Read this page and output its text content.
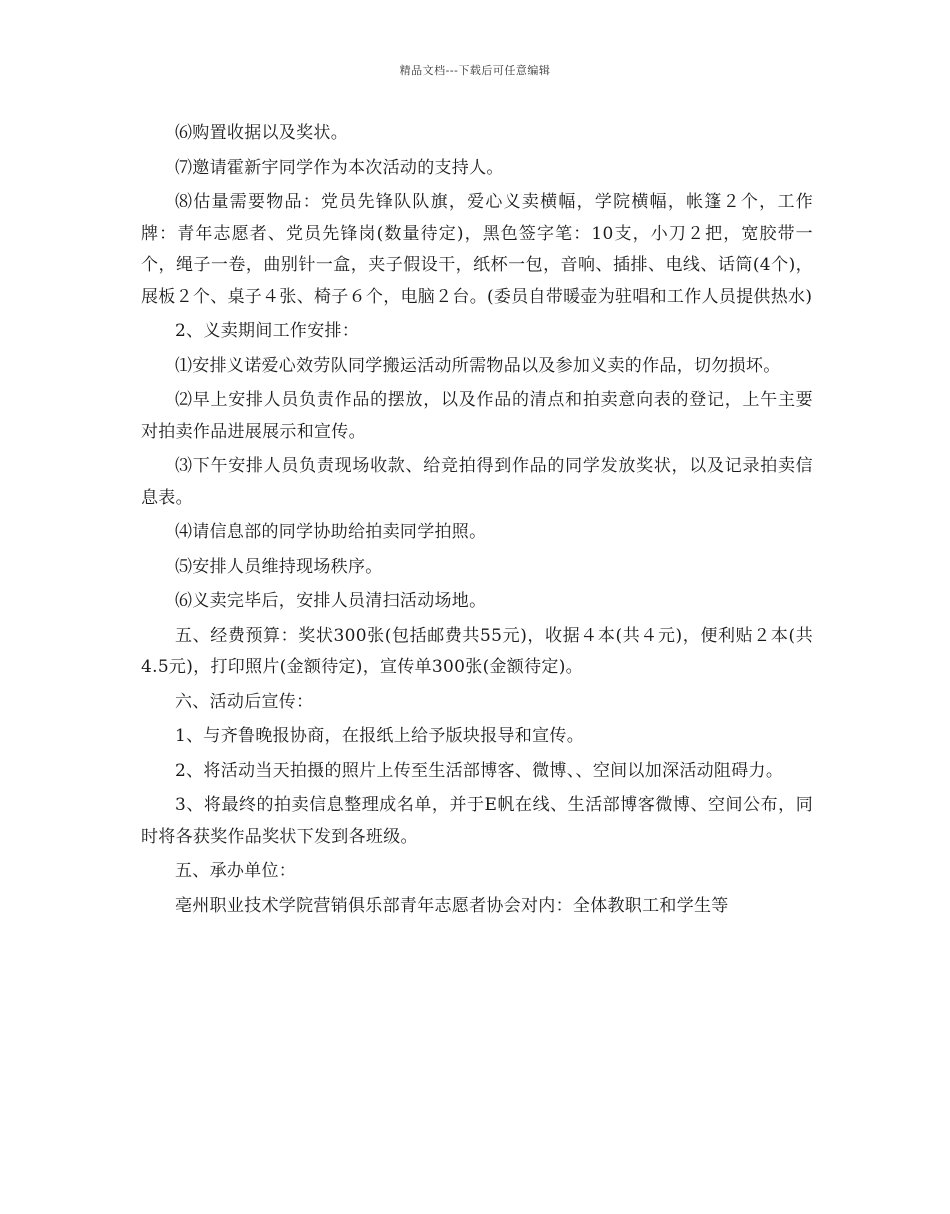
精品文档---下载后可任意编辑

⑹购置收据以及奖状。

⑺邀请霍新宇同学作为本次活动的支持人。

⑻估量需要物品：党员先锋队队旗，爱心义卖横幅，学院横幅，帐篷２个，工作牌：青年志愿者、党员先锋岗(数量待定)，黑色签字笔：10支，小刀２把，宽胶带一个，绳子一卷，曲别针一盒，夹子假设干，纸杯一包，音响、插排、电线、话筒(4个)，展板２个、桌子４张、椅子６个，电脑２台。(委员自带暖壶为驻唱和工作人员提供热水)

2、义卖期间工作安排：

⑴安排义诺爱心效劳队同学搬运活动所需物品以及参加义卖的作品，切勿损坏。

⑵早上安排人员负责作品的摆放，以及作品的清点和拍卖意向表的登记，上午主要对拍卖作品进展展示和宣传。

⑶下午安排人员负责现场收款、给竞拍得到作品的同学发放奖状，以及记录拍卖信息表。

⑷请信息部的同学协助给拍卖同学拍照。

⑸安排人员维持现场秩序。

⑹义卖完毕后，安排人员清扫活动场地。

五、经费预算：奖状300张(包括邮费共55元)，收据４本(共４元)，便利贴２本(共4.5元)，打印照片(金额待定)，宣传单300张(金额待定)。

六、活动后宣传：

1、与齐鲁晚报协商，在报纸上给予版块报导和宣传。

2、将活动当天拍摄的照片上传至生活部博客、微博、、空间以加深活动阻碍力。

3、将最终的拍卖信息整理成名单，并于E帆在线、生活部博客微博、空间公布，同时将各获奖作品奖状下发到各班级。

五、承办单位：

亳州职业技术学院营销俱乐部青年志愿者协会对内：全体教职工和学生等
